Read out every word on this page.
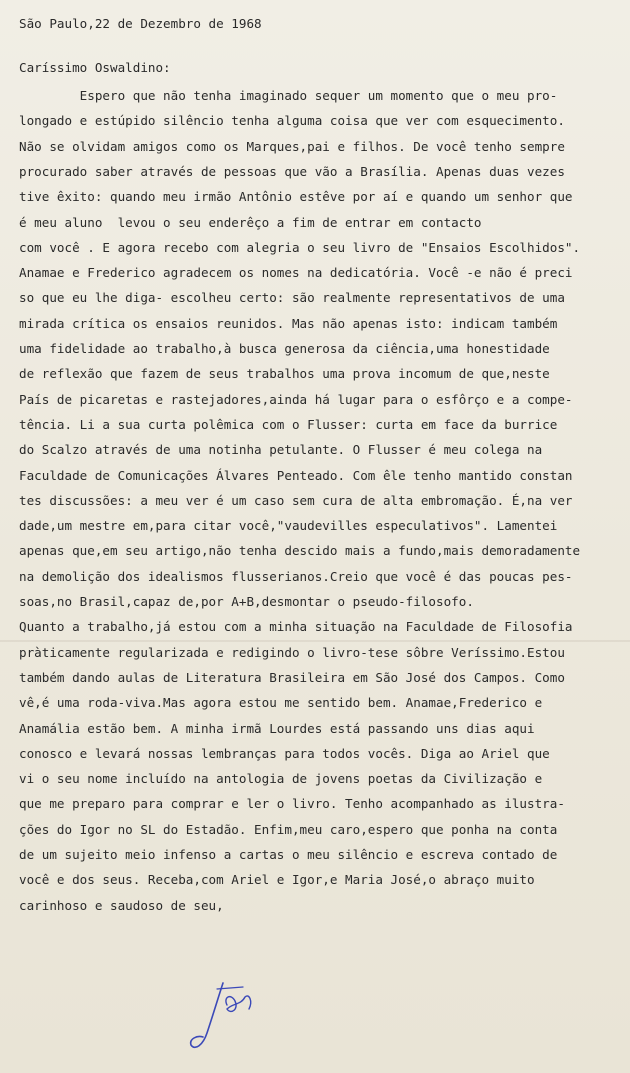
São Paulo,22 de Dezembro de 1968
Caríssimo Oswaldino:
Espero que não tenha imaginado sequer um momento que o meu pro-
longado e estúpido silêncio tenha alguma coisa que ver com esquecimento.
Não se olvidam amigos como os Marques,pai e filhos. De você tenho sempre
procurado saber através de pessoas que vão a Brasília. Apenas duas vezes
tive êxito: quando meu irmão Antônio estêve por aí e quando um senhor que
é meu aluno  levou o seu enderêço a fim de entrar em contacto
com você . E agora recebo com alegria o seu livro de "Ensaios Escolhidos".
Anamae e Frederico agradecem os nomes na dedicatória. Você -e não é preci
so que eu lhe diga- escolheu certo: são realmente representativos de uma
mirada crítica os ensaios reunidos. Mas não apenas isto: indicam também
uma fidelidade ao trabalho,à busca generosa da ciência,uma honestidade
de reflexão que fazem de seus trabalhos uma prova incomum de que,neste
País de picaretas e rastejadores,ainda há lugar para o esfôrço e a compe-
tência. Li a sua curta polêmica com o Flusser: curta em face da burrice
do Scalzo através de uma notinha petulante. O Flusser é meu colega na
Faculdade de Comunicações Álvares Penteado. Com êle tenho mantido constan
tes discussões: a meu ver é um caso sem cura de alta embromação. É,na ver
dade,um mestre em,para citar você,"vaudevilles especulativos". Lamentei
apenas que,em seu artigo,não tenha descido mais a fundo,mais demoradamente
na demolição dos idealismos flusserianos.Creio que você é das poucas pes-
soas,no Brasil,capaz de,por A+B,desmontar o pseudo-filosofo.
Quanto a trabalho,já estou com a minha situação na Faculdade de Filosofia
pràticamente regularizada e redigindo o livro-tese sôbre Veríssimo.Estou
também dando aulas de Literatura Brasileira em São José dos Campos. Como
vê,é uma roda-viva.Mas agora estou me sentido bem. Anamae,Frederico e
Anamália estão bem. A minha irmã Lourdes está passando uns dias aqui
conosco e levará nossas lembranças para todos vocês. Diga ao Ariel que
vi o seu nome incluído na antologia de jovens poetas da Civilização e
que me preparo para comprar e ler o livro. Tenho acompanhado as ilustra-
ções do Igor no SL do Estadão. Enfim,meu caro,espero que ponha na conta
de um sujeito meio infenso a cartas o meu silêncio e escreva contado de
você e dos seus. Receba,com Ariel e Igor,e Maria José,o abraço muito
carinhoso e saudoso de seu,
